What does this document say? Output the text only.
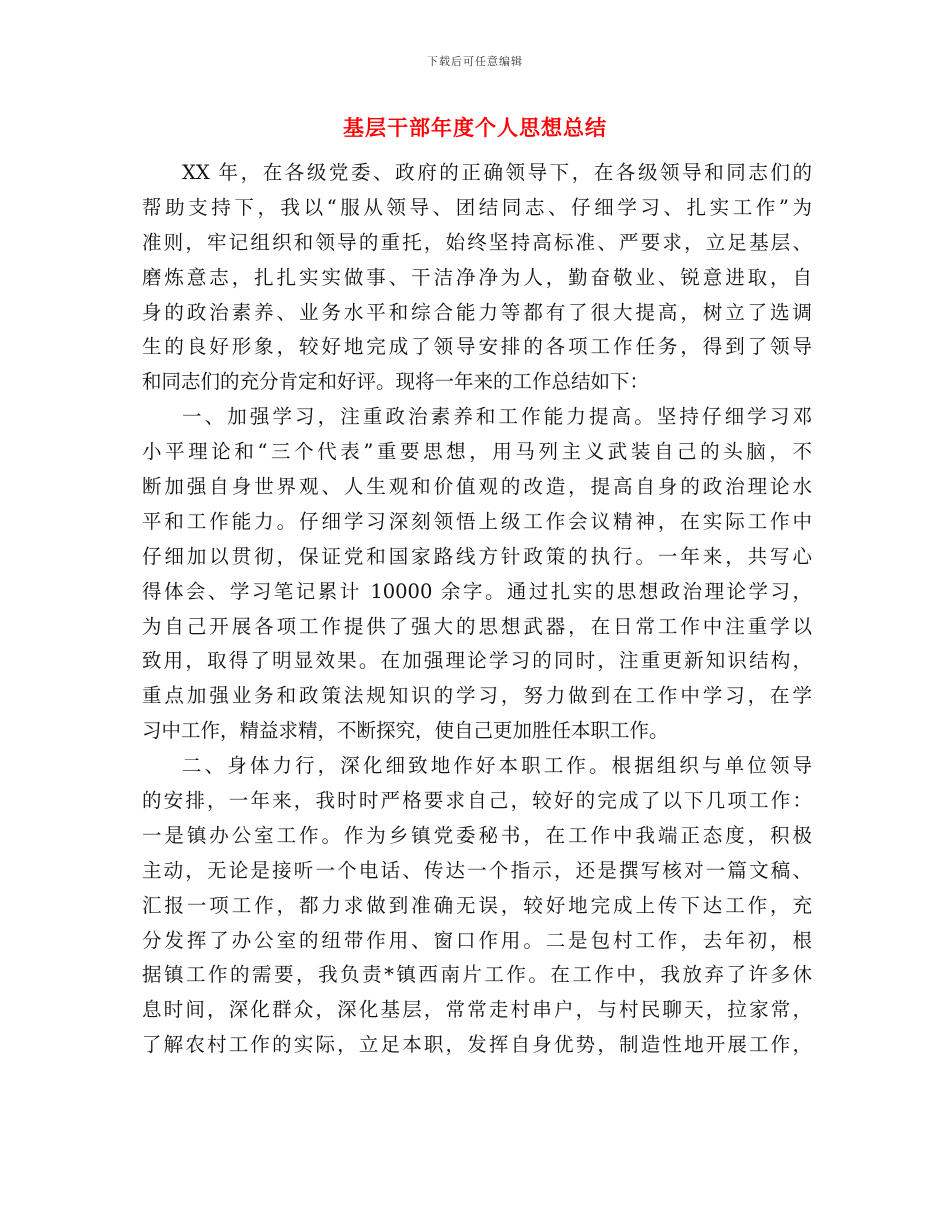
下载后可任意编辑
基层干部年度个人思想总结
XX 年，在各级党委、政府的正确领导下，在各级领导和同志们的
帮助支持下，我以“服从领导、团结同志、仔细学习、扎实工作”为
准则，牢记组织和领导的重托，始终坚持高标准、严要求，立足基层、
磨炼意志，扎扎实实做事、干洁净净为人，勤奋敬业、锐意进取，自
身的政治素养、业务水平和综合能力等都有了很大提高，树立了选调
生的良好形象，较好地完成了领导安排的各项工作任务，得到了领导
和同志们的充分肯定和好评。现将一年来的工作总结如下：
一、加强学习，注重政治素养和工作能力提高。坚持仔细学习邓
小平理论和“三个代表”重要思想，用马列主义武装自己的头脑，不
断加强自身世界观、人生观和价值观的改造，提高自身的政治理论水
平和工作能力。仔细学习深刻领悟上级工作会议精神，在实际工作中
仔细加以贯彻，保证党和国家路线方针政策的执行。一年来，共写心
得体会、学习笔记累计 10000 余字。通过扎实的思想政治理论学习，
为自己开展各项工作提供了强大的思想武器，在日常工作中注重学以
致用，取得了明显效果。在加强理论学习的同时，注重更新知识结构，
重点加强业务和政策法规知识的学习，努力做到在工作中学习，在学
习中工作，精益求精，不断探究，使自己更加胜任本职工作。
二、身体力行，深化细致地作好本职工作。根据组织与单位领导
的安排，一年来，我时时严格要求自己，较好的完成了以下几项工作：
一是镇办公室工作。作为乡镇党委秘书，在工作中我端正态度，积极
主动，无论是接听一个电话、传达一个指示，还是撰写核对一篇文稿、
汇报一项工作，都力求做到准确无误，较好地完成上传下达工作，充
分发挥了办公室的纽带作用、窗口作用。二是包村工作，去年初，根
据镇工作的需要，我负责*镇西南片工作。在工作中，我放弃了许多休
息时间，深化群众，深化基层，常常走村串户，与村民聊天，拉家常，
了解农村工作的实际，立足本职，发挥自身优势，制造性地开展工作，
